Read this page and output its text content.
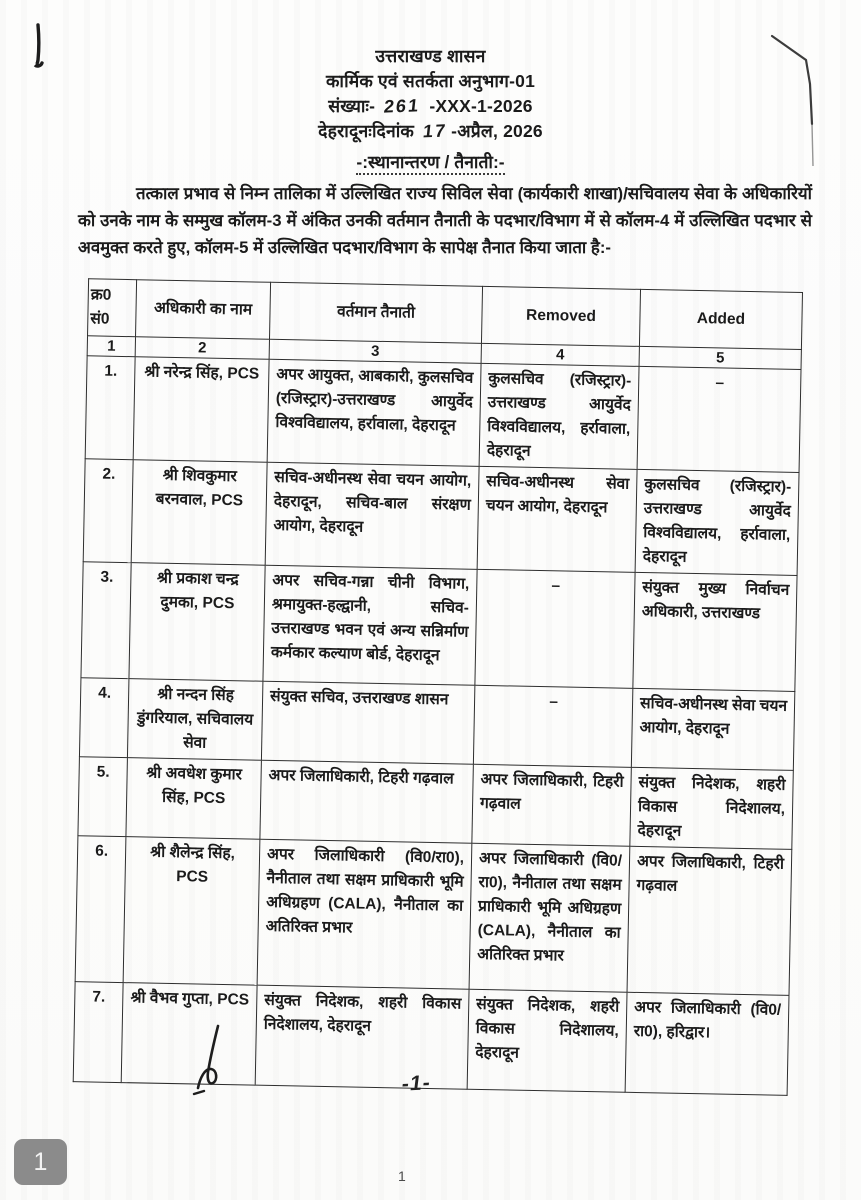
उत्तराखण्ड शासन
कार्मिक एवं सतर्कता अनुभाग-01
संख्याः- 261 -XXX-1-2026
देहरादूनःदिनांक 17 -अप्रैल, 2026
-:स्थानान्तरण / तैनाती:-

तत्काल प्रभाव से निम्न तालिका में उल्लिखित राज्य सिविल सेवा (कार्यकारी शाखा)/सचिवालय सेवा के अधिकारियों को उनके नाम के सम्मुख कॉलम-3 में अंकित उनकी वर्तमान तैनाती के पदभार/विभाग में से कॉलम-4 में उल्लिखित पदभार से अवमुक्त करते हुए, कॉलम-5 में उल्लिखित पदभार/विभाग के सापेक्ष तैनात किया जाता है:-

क्र0
सं0	अधिकारी का नाम	वर्तमान तैनाती	Removed	Added
1	2	3	4	5
1.	श्री नरेन्द्र सिंह, PCS	अपर आयुक्त, आबकारी, कुलसचिव (रजिस्ट्रार)-उत्तराखण्ड आयुर्वेद विश्वविद्यालय, हर्रावाला, देहरादून	कुलसचिव (रजिस्ट्रार)- उत्तराखण्ड आयुर्वेद विश्वविद्यालय, हर्रावाला, देहरादून	–
2.	श्री शिवकुमार बरनवाल, PCS	सचिव-अधीनस्थ सेवा चयन आयोग, देहरादून, सचिव-बाल संरक्षण आयोग, देहरादून	सचिव-अधीनस्थ सेवा चयन आयोग, देहरादून	कुलसचिव (रजिस्ट्रार)- उत्तराखण्ड आयुर्वेद विश्वविद्यालय, हर्रावाला, देहरादून
3.	श्री प्रकाश चन्द्र दुमका, PCS	अपर सचिव-गन्ना चीनी विभाग, श्रमायुक्त-हल्द्वानी, सचिव-उत्तराखण्ड भवन एवं अन्य सन्निर्माण कर्मकार कल्याण बोर्ड, देहरादून	–	संयुक्त मुख्य निर्वाचन अधिकारी, उत्तराखण्ड
4.	श्री नन्दन सिंह डुंगरियाल, सचिवालय सेवा	संयुक्त सचिव, उत्तराखण्ड शासन	–	सचिव-अधीनस्थ सेवा चयन आयोग, देहरादून
5.	श्री अवधेश कुमार सिंह, PCS	अपर जिलाधिकारी, टिहरी गढ़वाल	अपर जिलाधिकारी, टिहरी गढ़वाल	संयुक्त निदेशक, शहरी विकास निदेशालय, देहरादून
6.	श्री शैलेन्द्र सिंह, PCS	अपर जिलाधिकारी (वि0/रा0), नैनीताल तथा सक्षम प्राधिकारी भूमि अधिग्रहण (CALA), नैनीताल का अतिरिक्त प्रभार	अपर जिलाधिकारी (वि0/रा0), नैनीताल तथा सक्षम प्राधिकारी भूमि अधिग्रहण (CALA), नैनीताल का अतिरिक्त प्रभार	अपर जिलाधिकारी, टिहरी गढ़वाल
7.	श्री वैभव गुप्ता, PCS	संयुक्त निदेशक, शहरी विकास निदेशालय, देहरादून	संयुक्त निदेशक, शहरी विकास निदेशालय, देहरादून	अपर जिलाधिकारी (वि0/रा0), हरिद्वार।
-1-
1
1
